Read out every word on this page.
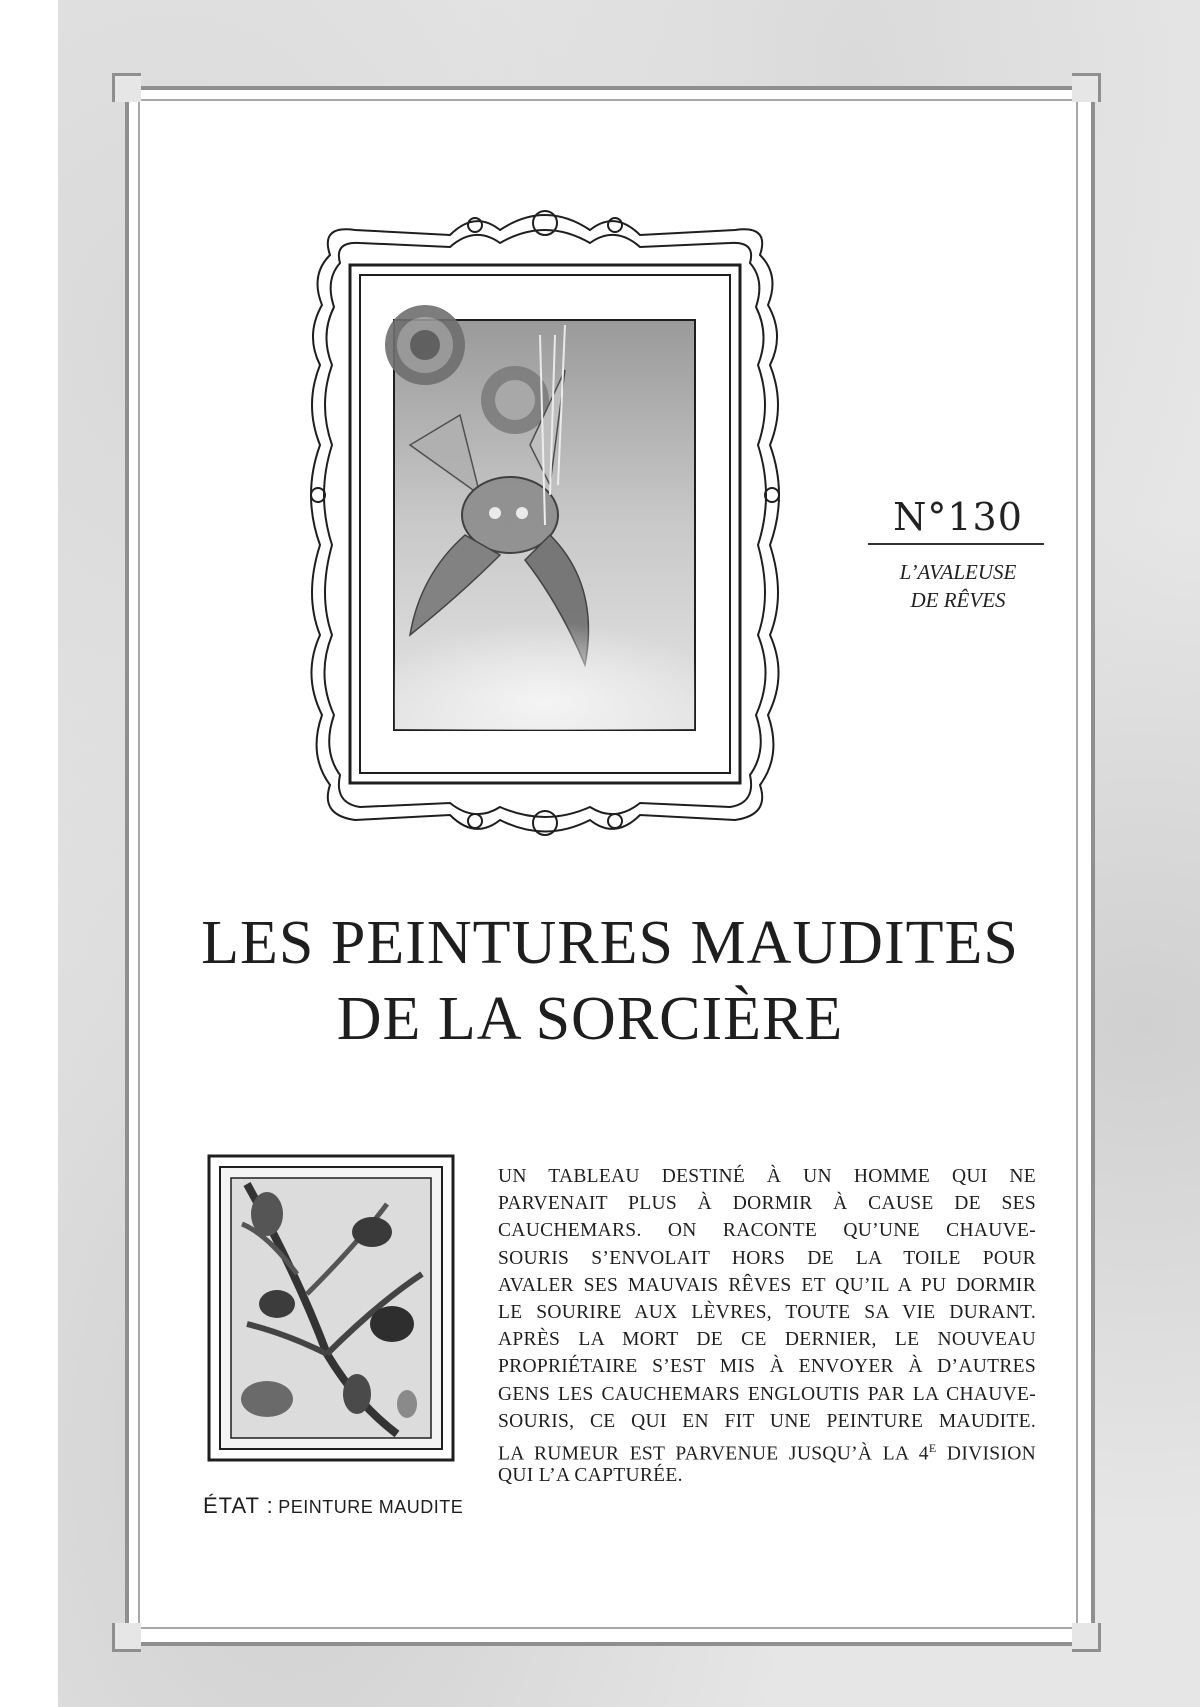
N°130
L’AVALEUSE
DE RÊVES
LES PEINTURES MAUDITES
DE LA SORCIÈRE
ÉTAT : PEINTURE MAUDITE
UN TABLEAU DESTINÉ À UN HOMME QUI NE
PARVENAIT PLUS À DORMIR À CAUSE DE SES
CAUCHEMARS. ON RACONTE QU’UNE CHAUVE-
SOURIS S’ENVOLAIT HORS DE LA TOILE POUR
AVALER SES MAUVAIS RÊVES ET QU’IL A PU DORMIR
LE SOURIRE AUX LÈVRES, TOUTE SA VIE DURANT.
APRÈS LA MORT DE CE DERNIER, LE NOUVEAU
PROPRIÉTAIRE S’EST MIS À ENVOYER À D’AUTRES
GENS LES CAUCHEMARS ENGLOUTIS PAR LA CHAUVE-
SOURIS, CE QUI EN FIT UNE PEINTURE MAUDITE.
LA RUMEUR EST PARVENUE JUSQU’À LA $4^E$ DIVISION
QUI L’A CAPTURÉE.
